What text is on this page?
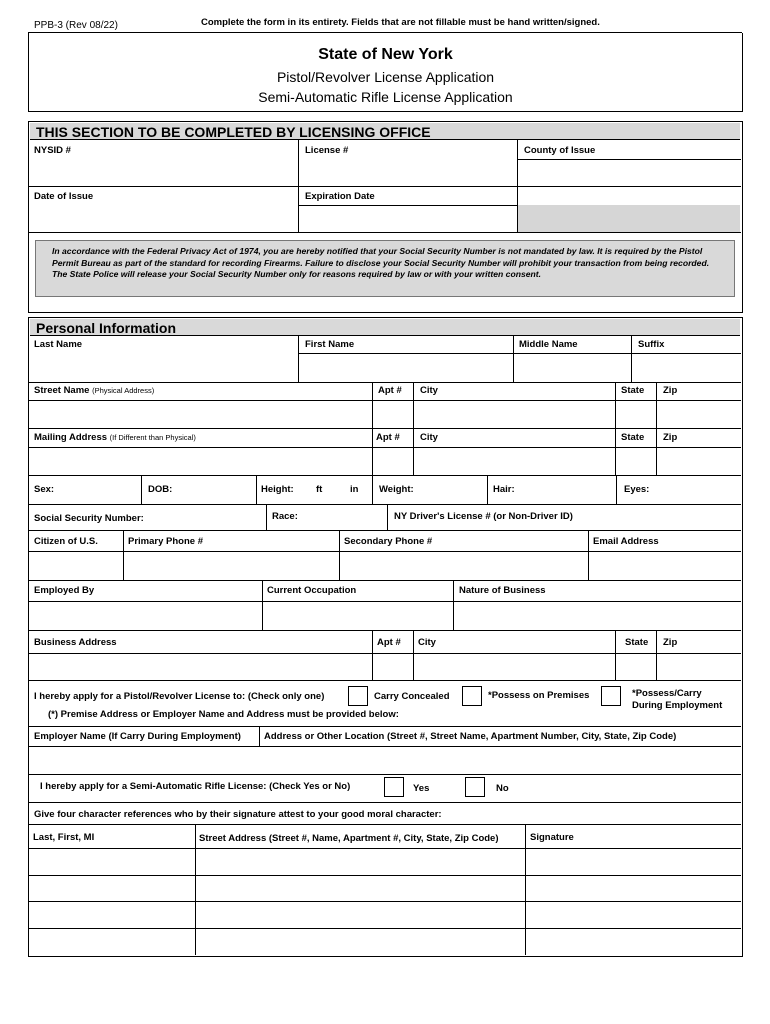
PPB-3 (Rev 08/22)	Complete the form in its entirety. Fields that are not fillable must be hand written/signed.
State of New York
Pistol/Revolver License Application
Semi-Automatic Rifle License Application
THIS SECTION TO BE COMPLETED BY LICENSING OFFICE
NYSID #	License #	County of Issue
Date of Issue	Expiration Date
In accordance with the Federal Privacy Act of 1974, you are hereby notified that your Social Security Number is not mandated by law. It is required by the Pistol Permit Bureau as part of the standard for recording Firearms. Failure to disclose your Social Security Number will prohibit your transaction from being recorded. The State Police will release your Social Security Number only for reasons required by law or with your written consent.
Personal Information
Last Name	First Name	Middle Name	Suffix
Street Name (Physical Address)	Apt # City	State Zip
Mailing Address (If Different than Physical)	Apt # City	State Zip
Sex:	DOB:	Height: ft	in Weight:	Hair:	Eyes:
Social Security Number:	Race:	NY Driver's License # (or Non-Driver ID)
Citizen of U.S.	Primary Phone #	Secondary Phone #	Email Address
Employed By	Current Occupation	Nature of Business
Business Address	Apt # City	State Zip
I hereby apply for a Pistol/Revolver License to: (Check only one)
(*) Premise Address or Employer Name and Address must be provided below:
Carry Concealed	*Possess on Premises	*Possess/Carry
During Employment
Employer Name (If Carry During Employment) Address or Other Location (Street #, Street Name, Apartment Number, City, State, Zip Code)
I hereby apply for a Semi-Automatic Rifle License: (Check Yes or No)	Yes	No
Give four character references who by their signature attest to your good moral character:
Last, First, MI	Street Address (Street #, Name, Apartment #, City, State, Zip Code)	Signature
